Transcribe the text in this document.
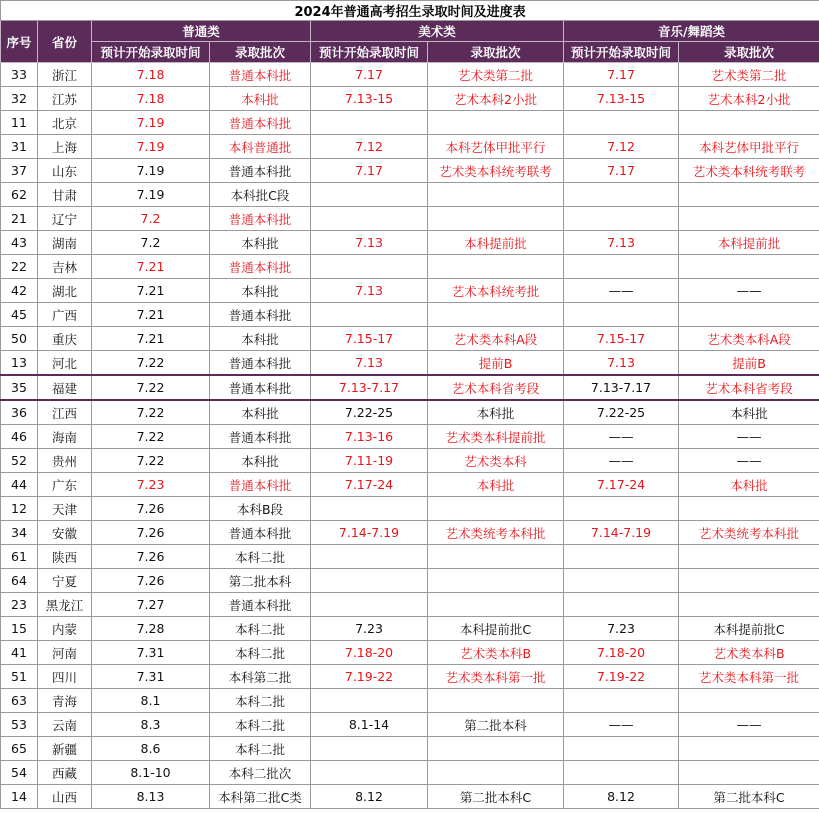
2024年普通高考招生录取时间及进度表							
序号	省份	普通类		美术类		音乐/舞蹈类	
		预计开始录取时间	录取批次	预计开始录取时间	录取批次	预计开始录取时间	录取批次
33	浙江	7.18	普通本科批	7.17	艺术类第二批	7.17	艺术类第二批
32	江苏	7.18	本科批	7.13-15	艺术本科2小批	7.13-15	艺术本科2小批
11	北京	7.19	普通本科批				
31	上海	7.19	本科普通批	7.12	本科艺体甲批平行	7.12	本科艺体甲批平行
37	山东	7.19	普通本科批	7.17	艺术类本科统考联考	7.17	艺术类本科统考联考
62	甘肃	7.19	本科批C段				
21	辽宁	7.2	普通本科批				
43	湖南	7.2	本科批	7.13	本科提前批	7.13	本科提前批
22	吉林	7.21	普通本科批				
42	湖北	7.21	本科批	7.13	艺术本科统考批	——	——
45	广西	7.21	普通本科批				
50	重庆	7.21	本科批	7.15-17	艺术类本科A段	7.15-17	艺术类本科A段
13	河北	7.22	普通本科批	7.13	提前B	7.13	提前B
35	福建	7.22	普通本科批	7.13-7.17	艺术本科省考段	7.13-7.17	艺术本科省考段
36	江西	7.22	本科批	7.22-25	本科批	7.22-25	本科批
46	海南	7.22	普通本科批	7.13-16	艺术类本科提前批	——	——
52	贵州	7.22	本科批	7.11-19	艺术类本科	——	——
44	广东	7.23	普通本科批	7.17-24	本科批	7.17-24	本科批
12	天津	7.26	本科B段				
34	安徽	7.26	普通本科批	7.14-7.19	艺术类统考本科批	7.14-7.19	艺术类统考本科批
61	陕西	7.26	本科二批				
64	宁夏	7.26	第二批本科				
23	黑龙江	7.27	普通本科批				
15	内蒙	7.28	本科二批	7.23	本科提前批C	7.23	本科提前批C
41	河南	7.31	本科二批	7.18-20	艺术类本科B	7.18-20	艺术类本科B
51	四川	7.31	本科第二批	7.19-22	艺术类本科第一批	7.19-22	艺术类本科第一批
63	青海	8.1	本科二批				
53	云南	8.3	本科二批	8.1-14	第二批本科	——	——
65	新疆	8.6	本科二批				
54	西藏	8.1-10	本科二批次				
14	山西	8.13	本科第二批C类	8.12	第二批本科C	8.12	第二批本科C
